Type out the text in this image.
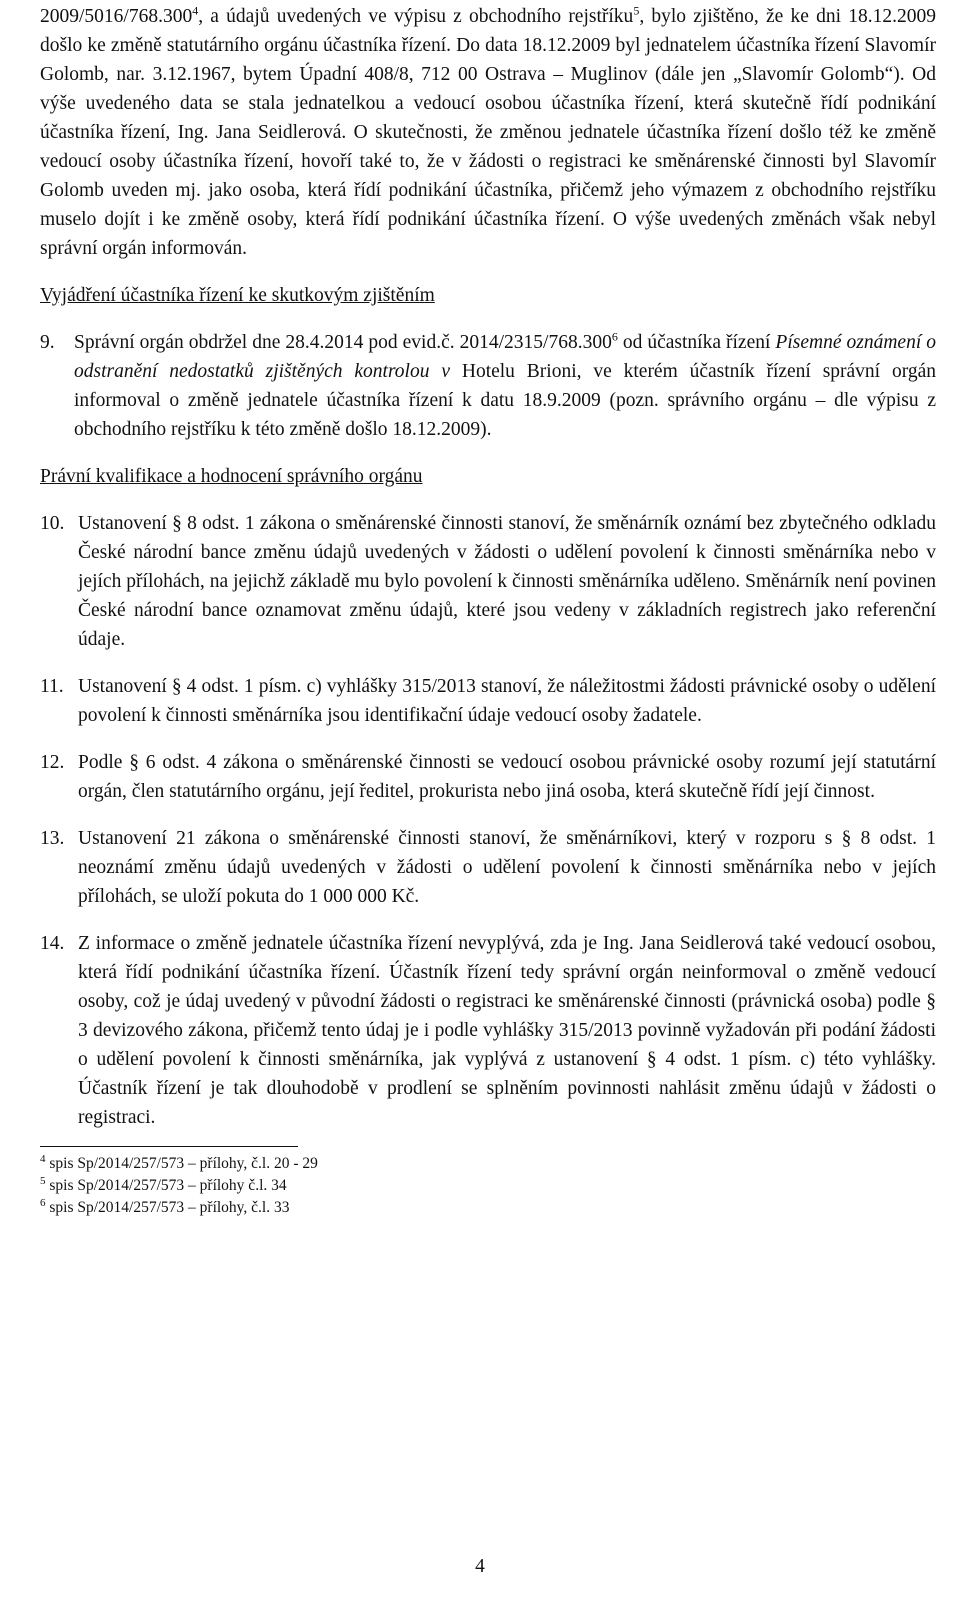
2009/5016/768.300$^4$, a údajů uvedených ve výpisu z obchodního rejstříku$^5$, bylo zjištěno, že ke dni 18.12.2009 došlo ke změně statutárního orgánu účastníka řízení. Do data 18.12.2009 byl jednatelem účastníka řízení Slavomír Golomb, nar. 3.12.1967, bytem Úpadní 408/8, 712 00 Ostrava – Muglinov (dále jen „Slavomír Golomb“). Od výše uvedeného data se stala jednatelkou a vedoucí osobou účastníka řízení, která skutečně řídí podnikání účastníka řízení, Ing. Jana Seidlerová. O skutečnosti, že změnou jednatele účastníka řízení došlo též ke změně vedoucí osoby účastníka řízení, hovoří také to, že v žádosti o registraci ke směnárenské činnosti byl Slavomír Golomb uveden mj. jako osoba, která řídí podnikání účastníka, přičemž jeho výmazem z obchodního rejstříku muselo dojít i ke změně osoby, která řídí podnikání účastníka řízení. O výše uvedených změnách však nebyl správní orgán informován.

Vyjádření účastníka řízení ke skutkovým zjištěním

9. Správní orgán obdržel dne 28.4.2014 pod evid.č. 2014/2315/768.300$^6$ od účastníka řízení Písemné oznámení o odstranění nedostatků zjištěných kontrolou v Hotelu Brioni, ve kterém účastník řízení správní orgán informoval o změně jednatele účastníka řízení k datu 18.9.2009 (pozn. správního orgánu – dle výpisu z obchodního rejstříku k této změně došlo 18.12.2009).

Právní kvalifikace a hodnocení správního orgánu

10. Ustanovení § 8 odst. 1 zákona o směnárenské činnosti stanoví, že směnárník oznámí bez zbytečného odkladu České národní bance změnu údajů uvedených v žádosti o udělení povolení k činnosti směnárníka nebo v jejích přílohách, na jejichž základě mu bylo povolení k činnosti směnárníka uděleno. Směnárník není povinen České národní bance oznamovat změnu údajů, které jsou vedeny v základních registrech jako referenční údaje.
11. Ustanovení § 4 odst. 1 písm. c) vyhlášky 315/2013 stanoví, že náležitostmi žádosti právnické osoby o udělení povolení k činnosti směnárníka jsou identifikační údaje vedoucí osoby žadatele.
12. Podle § 6 odst. 4 zákona o směnárenské činnosti se vedoucí osobou právnické osoby rozumí její statutární orgán, člen statutárního orgánu, její ředitel, prokurista nebo jiná osoba, která skutečně řídí její činnost.
13. Ustanovení 21 zákona o směnárenské činnosti stanoví, že směnárníkovi, který v rozporu s § 8 odst. 1 neoznámí změnu údajů uvedených v žádosti o udělení povolení k činnosti směnárníka nebo v jejích přílohách, se uloží pokuta do 1 000 000 Kč.
14. Z informace o změně jednatele účastníka řízení nevyplývá, zda je Ing. Jana Seidlerová také vedoucí osobou, která řídí podnikání účastníka řízení. Účastník řízení tedy správní orgán neinformoval o změně vedoucí osoby, což je údaj uvedený v původní žádosti o registraci ke směnárenské činnosti (právnická osoba) podle § 3 devizového zákona, přičemž tento údaj je i podle vyhlášky 315/2013 povinně vyžadován při podání žádosti o udělení povolení k činnosti směnárníka, jak vyplývá z ustanovení § 4 odst. 1 písm. c) této vyhlášky. Účastník řízení je tak dlouhodobě v prodlení se splněním povinnosti nahlásit změnu údajů v žádosti o registraci.

$^4$ spis Sp/2014/257/573 – přílohy, č.l. 20 - 29

$^5$ spis Sp/2014/257/573 – přílohy č.l. 34

$^6$ spis Sp/2014/257/573 – přílohy, č.l. 33

4
